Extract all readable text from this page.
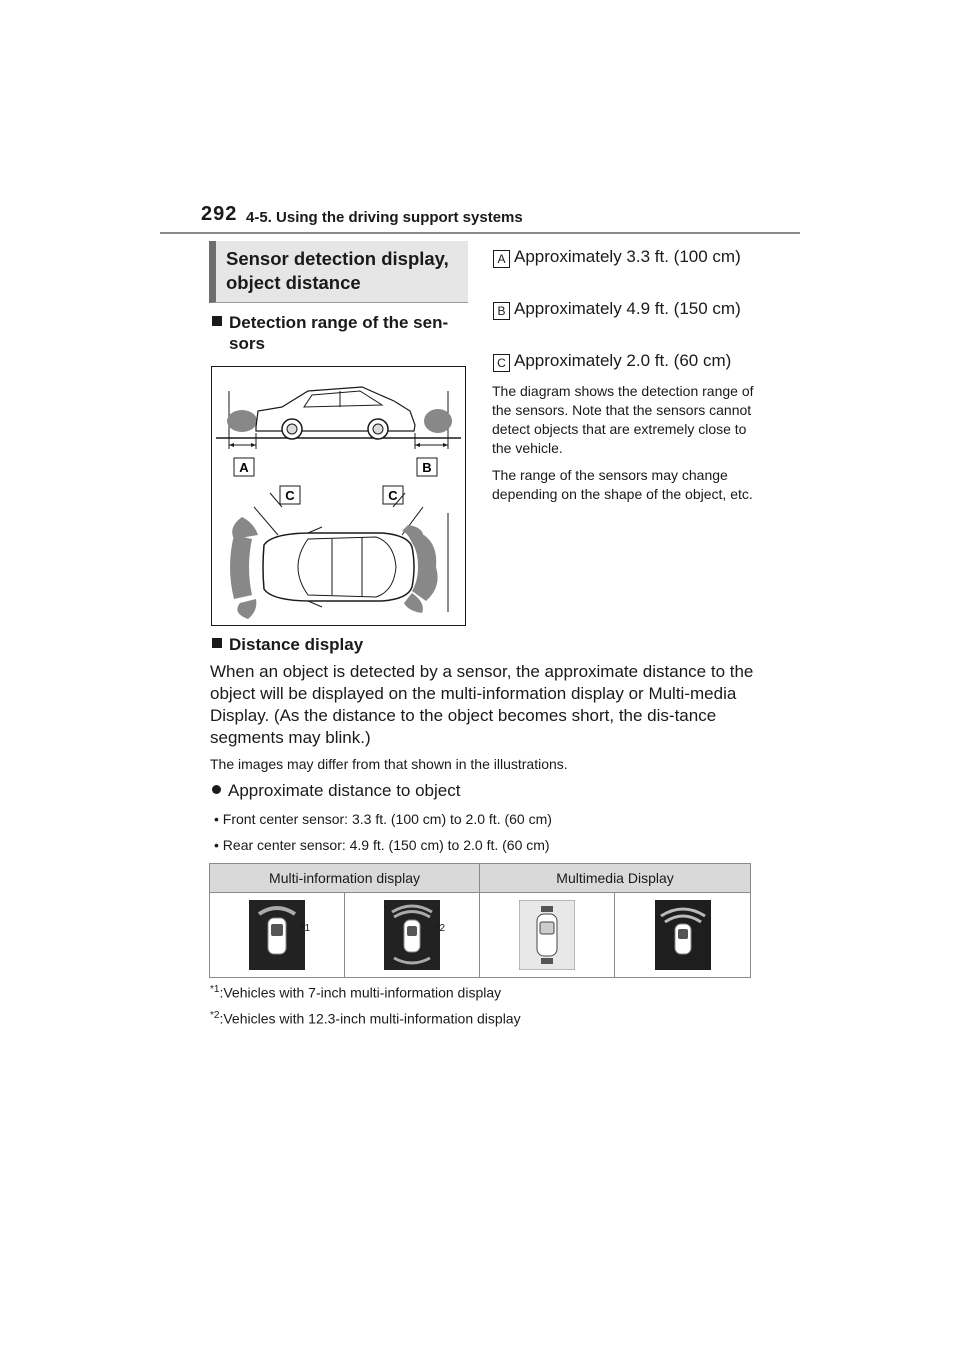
292 4-5. Using the driving support systems
Sensor detection display, object distance
Detection range of the sen-
sors
A	B
C	C
A Approximately 3.3 ft. (100 cm)
B Approximately 4.9 ft. (150 cm)
C Approximately 2.0 ft. (60 cm)
The diagram shows the detection range of the sensors. Note that the sensors cannot detect objects that are extremely close to the vehicle.
The range of the sensors may change depending on the shape of the object, etc.
Distance display
When an object is detected by a sensor, the approximate distance to the object will be displayed on the multi-information display or Multi-media Display. (As the distance to the object becomes short, the dis-tance segments may blink.)
The images may differ from that shown in the illustrations.
Approximate distance to object
• Front center sensor: 3.3 ft. (100 cm) to 2.0 ft. (60 cm)
• Rear center sensor: 4.9 ft. (150 cm) to 2.0 ft. (60 cm)
Multi-information display		Multimedia Display	

*1	*2

$^{*1}$:Vehicles with 7-inch multi-information display
$^{*2}$:Vehicles with 12.3-inch multi-information display
